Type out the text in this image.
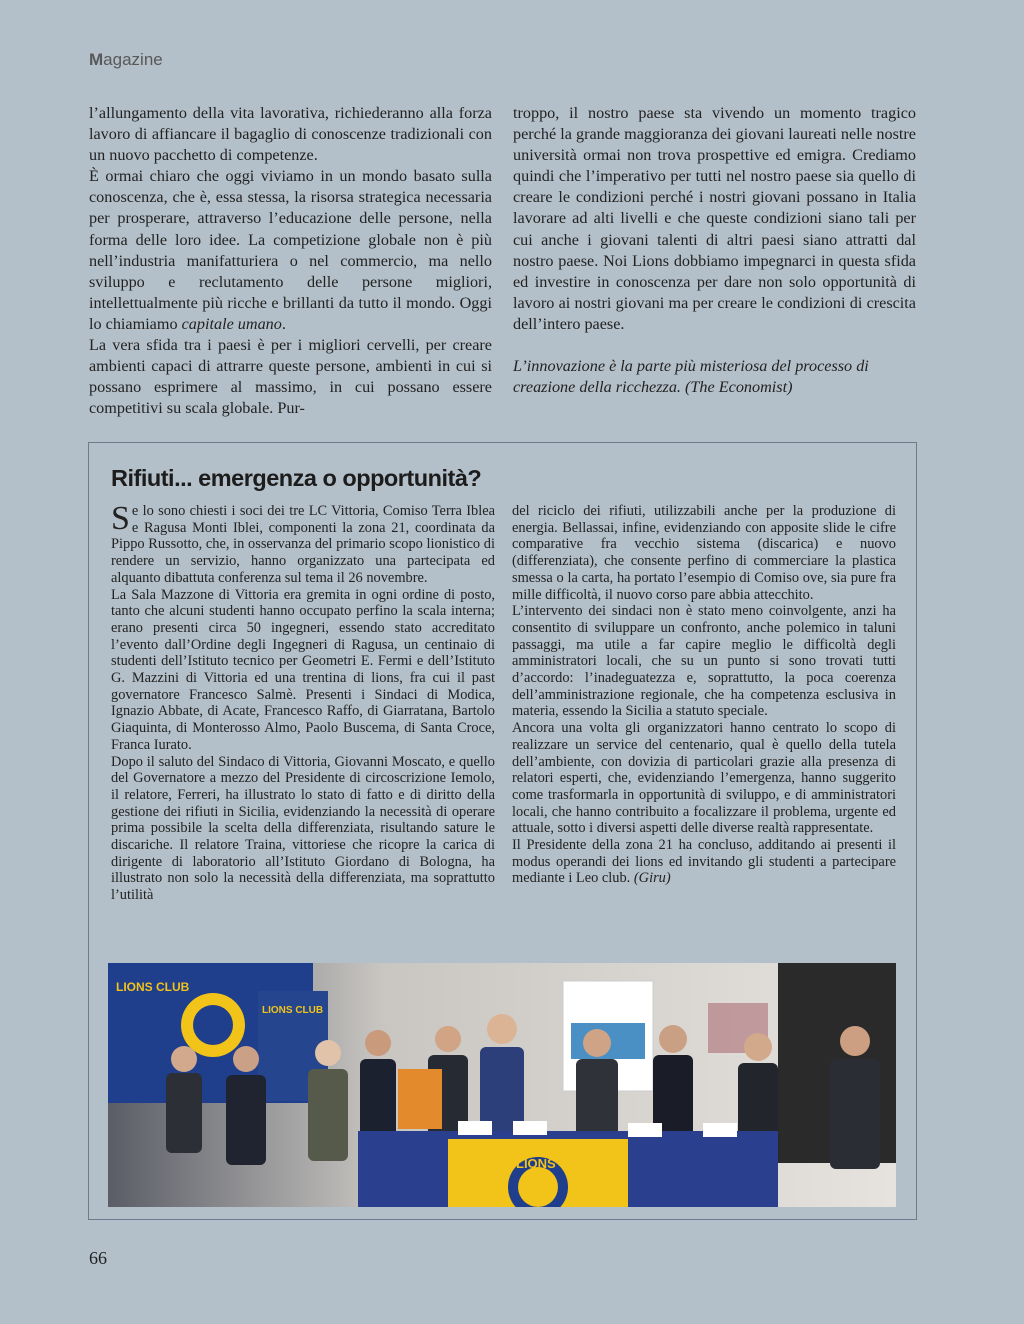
Magazine

l’allungamento della vita lavorativa, richiederanno alla forza lavoro di affiancare il bagaglio di conoscenze tradizionali con un nuovo pacchetto di competenze.

È ormai chiaro che oggi viviamo in un mondo basato sulla conoscenza, che è, essa stessa, la risorsa strategica necessaria per prosperare, attraverso l’educazione delle persone, nella forma delle loro idee. La competizione globale non è più nell’industria manifatturiera o nel commercio, ma nello sviluppo e reclutamento delle persone migliori, intellettualmente più ricche e brillanti da tutto il mondo. Oggi lo chiamiamo capitale umano.

La vera sfida tra i paesi è per i migliori cervelli, per creare ambienti capaci di attrarre queste persone, ambienti in cui si possano esprimere al massimo, in cui possano essere competitivi su scala globale. Pur-

troppo, il nostro paese sta vivendo un momento tragico perché la grande maggioranza dei giovani laureati nelle nostre università ormai non trova prospettive ed emigra. Crediamo quindi che l’imperativo per tutti nel nostro paese sia quello di creare le condizioni perché i nostri giovani possano in Italia lavorare ad alti livelli e che queste condizioni siano tali per cui anche i giovani talenti di altri paesi siano attratti dal nostro paese. Noi Lions dobbiamo impegnarci in questa sfida ed investire in conoscenza per dare non solo opportunità di lavoro ai nostri giovani ma per creare le condizioni di crescita dell’intero paese.

L’innovazione è la parte più misteriosa del processo di creazione della ricchezza. (The Economist)

Rifiuti... emergenza o opportunità?

Se lo sono chiesti i soci dei tre LC Vittoria, Comiso Terra Iblea e Ragusa Monti Iblei, componenti la zona 21, coordinata da Pippo Russotto, che, in osservanza del primario scopo lionistico di rendere un servizio, hanno organizzato una partecipata ed alquanto dibattuta conferenza sul tema il 26 novembre.

La Sala Mazzone di Vittoria era gremita in ogni ordine di posto, tanto che alcuni studenti hanno occupato perfino la scala interna; erano presenti circa 50 ingegneri, essendo stato accreditato l’evento dall’Ordine degli Ingegneri di Ragusa, un centinaio di studenti dell’Istituto tecnico per Geometri E. Fermi e dell’Istituto G. Mazzini di Vittoria ed una trentina di lions, fra cui il past governatore Francesco Salmè. Presenti i Sindaci di Modica, Ignazio Abbate, di Acate, Francesco Raffo, di Giarratana, Bartolo Giaquinta, di Monterosso Almo, Paolo Buscema, di Santa Croce, Franca Iurato.

Dopo il saluto del Sindaco di Vittoria, Giovanni Moscato, e quello del Governatore a mezzo del Presidente di circoscrizione Iemolo, il relatore, Ferreri, ha illustrato lo stato di fatto e di diritto della gestione dei rifiuti in Sicilia, evidenziando la necessità di operare prima possibile la scelta della differenziata, risultando sature le discariche. Il relatore Traina, vittoriese che ricopre la carica di dirigente di laboratorio all’Istituto Giordano di Bologna, ha illustrato non solo la necessità della differenziata, ma soprattutto l’utilità

del riciclo dei rifiuti, utilizzabili anche per la produzione di energia. Bellassai, infine, evidenziando con apposite slide le cifre comparative fra vecchio sistema (discarica) e nuovo (differenziata), che consente perfino di commerciare la plastica smessa o la carta, ha portato l’esempio di Comiso ove, sia pure fra mille difficoltà, il nuovo corso pare abbia attecchito.

L’intervento dei sindaci non è stato meno coinvolgente, anzi ha consentito di sviluppare un confronto, anche polemico in taluni passaggi, ma utile a far capire meglio le difficoltà degli amministratori locali, che su un punto si sono trovati tutti d’accordo: l’inadeguatezza e, soprattutto, la poca coerenza dell’amministrazione regionale, che ha competenza esclusiva in materia, essendo la Sicilia a statuto speciale.

Ancora una volta gli organizzatori hanno centrato lo scopo di realizzare un service del centenario, qual è quello della tutela dell’ambiente, con dovizia di particolari grazie alla presenza di relatori esperti, che, evidenziando l’emergenza, hanno suggerito come trasformarla in opportunità di sviluppo, e di amministratori locali, che hanno contribuito a focalizzare il problema, urgente ed attuale, sotto i diversi aspetti delle diverse realtà rappresentate.

Il Presidente della zona 21 ha concluso, additando ai presenti il modus operandi dei lions ed invitando gli studenti a partecipare mediante i Leo club. (Giru)

LIONS CLUB
LIONS CLUB
LIONS
66
